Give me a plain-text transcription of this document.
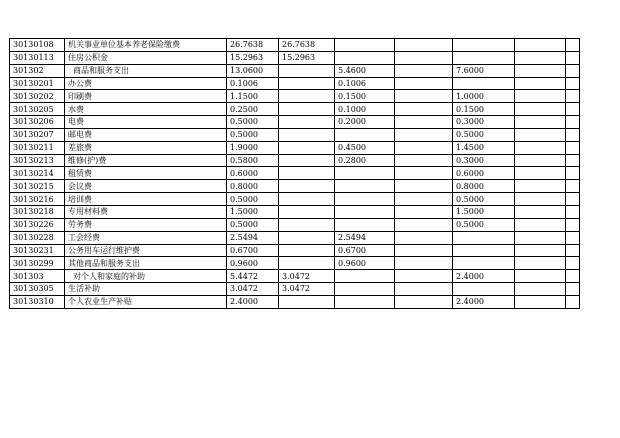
30130108	机关事业单位基本养老保险缴费	26.7638	26.7638					
30130113	住房公积金	15.2963	15.2963					
301302	商品和服务支出	13.0600		5.4600		7.6000		
30130201	办公费	0.1006		0.1006				
30130202	印刷费	1.1500		0.1500		1.0000		
30130205	水费	0.2500		0.1000		0.1500		
30130206	电费	0.5000		0.2000		0.3000		
30130207	邮电费	0.5000				0.5000		
30130211	差旅费	1.9000		0.4500		1.4500		
30130213	维修(护)费	0.5800		0.2800		0.3000		
30130214	租赁费	0.6000				0.6000		
30130215	会议费	0.8000				0.8000		
30130216	培训费	0.5000				0.5000		
30130218	专用材料费	1.5000				1.5000		
30130226	劳务费	0.5000				0.5000		
30130228	工会经费	2.5494		2.5494				
30130231	公务用车运行维护费	0.6700		0.6700				
30130299	其他商品和服务支出	0.9600		0.9600				
301303	对个人和家庭的补助	5.4472	3.0472			2.4000		
30130305	生活补助	3.0472	3.0472					
30130310	个人农业生产补贴	2.4000				2.4000		
